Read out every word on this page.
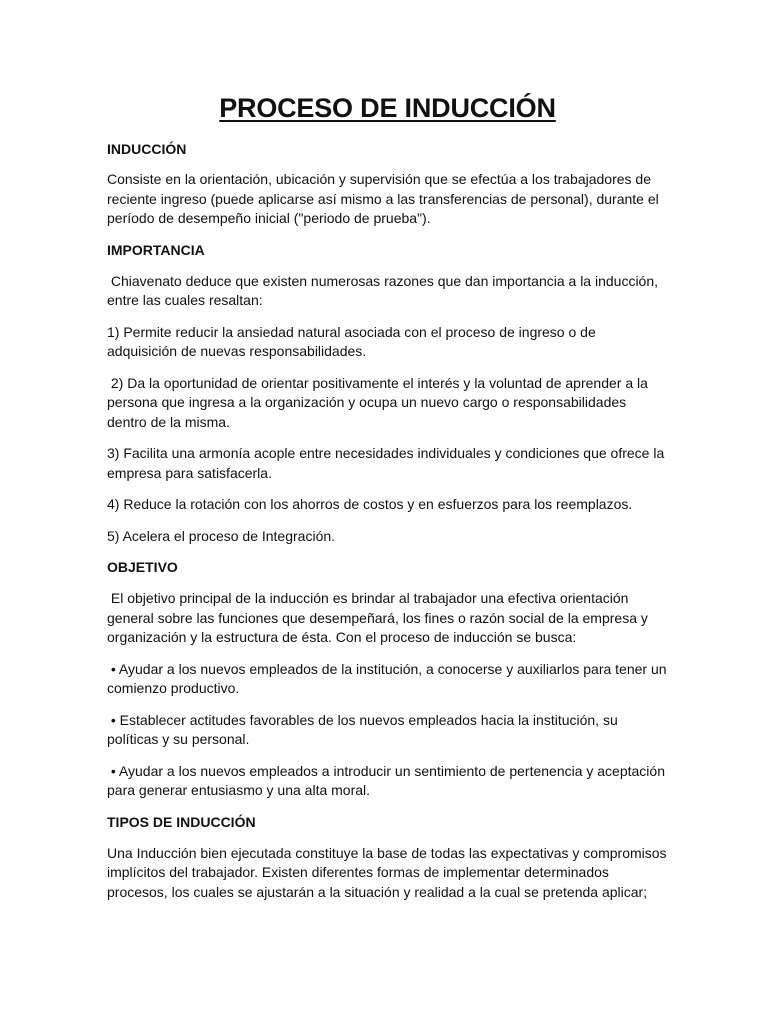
PROCESO DE INDUCCIÓN
INDUCCIÓN

Consiste en la orientación, ubicación y supervisión que se efectúa a los trabajadores de reciente ingreso (puede aplicarse así mismo a las transferencias de personal), durante el período de desempeño inicial ("periodo de prueba").

IMPORTANCIA

Chiavenato deduce que existen numerosas razones que dan importancia a la inducción, entre las cuales resaltan:

1) Permite reducir la ansiedad natural asociada con el proceso de ingreso o de adquisición de nuevas responsabilidades.

2) Da la oportunidad de orientar positivamente el interés y la voluntad de aprender a la persona que ingresa a la organización y ocupa un nuevo cargo o responsabilidades dentro de la misma.

3) Facilita una armonía acople entre necesidades individuales y condiciones que ofrece la empresa para satisfacerla.

4) Reduce la rotación con los ahorros de costos y en esfuerzos para los reemplazos.

5) Acelera el proceso de Integración.

OBJETIVO

El objetivo principal de la inducción es brindar al trabajador una efectiva orientación general sobre las funciones que desempeñará, los fines o razón social de la empresa y organización y la estructura de ésta. Con el proceso de inducción se busca:

• Ayudar a los nuevos empleados de la institución, a conocerse y auxiliarlos para tener un comienzo productivo.

• Establecer actitudes favorables de los nuevos empleados hacia la institución, su políticas y su personal.

• Ayudar a los nuevos empleados a introducir un sentimiento de pertenencia y aceptación para generar entusiasmo y una alta moral.

TIPOS DE INDUCCIÓN

Una Inducción bien ejecutada constituye la base de todas las expectativas y compromisos implícitos del trabajador. Existen diferentes formas de implementar determinados procesos, los cuales se ajustarán a la situación y realidad a la cual se pretenda aplicar;
